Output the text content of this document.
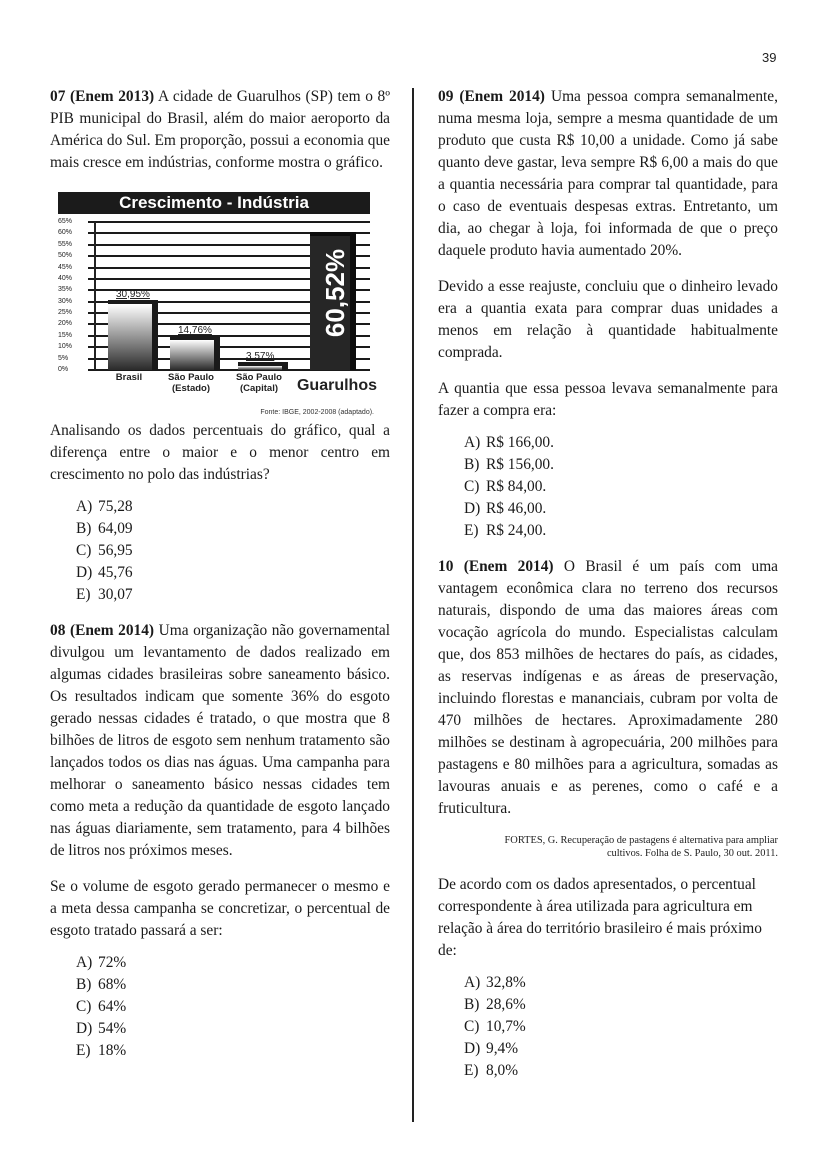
39

07 (Enem 2013) A cidade de Guarulhos (SP) tem o 8º PIB municipal do Brasil, além do maior aeroporto da América do Sul. Em proporção, possui a economia que mais cresce em indústrias, conforme mostra o gráfico.

Crescimento - Indústria
65%
60%
55%
50%
45%
40%
35%
30%
25%
20%
15%
10%
5%
0%
30,95%
14,76%
3,57%
60,52%
Fonte: IBGE, 2002-2008 (adaptado).
Brasil	São Paulo
(Estado)
São Paulo
(Capital)	Guarulhos

Analisando os dados percentuais do gráfico, qual a diferença entre o maior e o menor centro em crescimento no polo das indústrias?

A) 75,28
B) 64,09
C) 56,95
D) 45,76
E) 30,07

08 (Enem 2014) Uma organização não governamental divulgou um levantamento de dados realizado em algumas cidades brasileiras sobre saneamento básico. Os resultados indicam que somente 36% do esgoto gerado nessas cidades é tratado, o que mostra que 8 bilhões de litros de esgoto sem nenhum tratamento são lançados todos os dias nas águas. Uma campanha para melhorar o saneamento básico nessas cidades tem como meta a redução da quantidade de esgoto lançado nas águas diariamente, sem tratamento, para 4 bilhões de litros nos próximos meses.

Se o volume de esgoto gerado permanecer o mesmo e a meta dessa campanha se concretizar, o percentual de esgoto tratado passará a ser:

A) 72%
B) 68%
C) 64%
D) 54%
E) 18%

09 (Enem 2014) Uma pessoa compra semanalmente, numa mesma loja, sempre a mesma quantidade de um produto que custa R$ 10,00 a unidade. Como já sabe quanto deve gastar, leva sempre R$ 6,00 a mais do que a quantia necessária para comprar tal quantidade, para o caso de eventuais despesas extras. Entretanto, um dia, ao chegar à loja, foi informada de que o preço daquele produto havia aumentado 20%.

Devido a esse reajuste, concluiu que o dinheiro levado era a quantia exata para comprar duas unidades a menos em relação à quantidade habitualmente comprada.

A quantia que essa pessoa levava semanalmente para fazer a compra era:

A) R$ 166,00.
B) R$ 156,00.
C) R$ 84,00.
D) R$ 46,00.
E) R$ 24,00.

10 (Enem 2014) O Brasil é um país com uma vantagem econômica clara no terreno dos recursos naturais, dispondo de uma das maiores áreas com vocação agrícola do mundo. Especialistas calculam que, dos 853 milhões de hectares do país, as cidades, as reservas indígenas e as áreas de preservação, incluindo florestas e mananciais, cubram por volta de 470 milhões de hectares. Aproximadamente 280 milhões se destinam à agropecuária, 200 milhões para pastagens e 80 milhões para a agricultura, somadas as lavouras anuais e as perenes, como o café e a fruticultura.

FORTES, G. Recuperação de pastagens é alternativa para ampliar
cultivos. Folha de S. Paulo, 30 out. 2011.

De acordo com os dados apresentados, o percentual correspondente à área utilizada para agricultura em relação à área do território brasileiro é mais próximo de:

A) 32,8%
B) 28,6%
C) 10,7%
D) 9,4%
E) 8,0%
